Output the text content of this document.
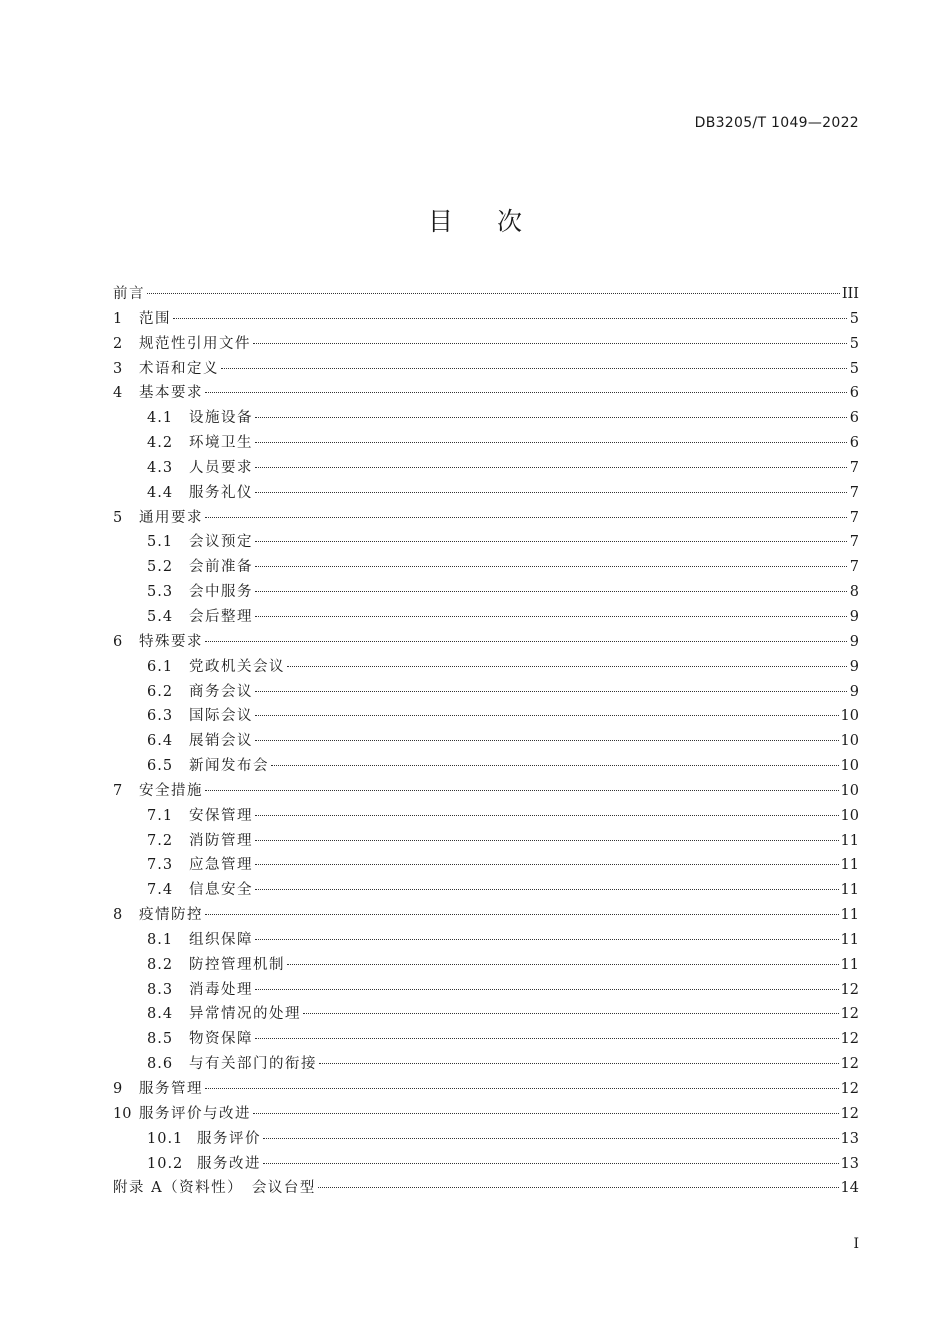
DB3205/T 1049—2022
目 次
前言	III
1	范围	5
2	规范性引用文件	5
3	术语和定义	5
4	基本要求	6
4.1	设施设备	6
4.2	环境卫生	6
4.3	人员要求	7
4.4	服务礼仪	7
5	通用要求	7
5.1	会议预定	7
5.2	会前准备	7
5.3	会中服务	8
5.4	会后整理	9
6	特殊要求	9
6.1	党政机关会议	9
6.2	商务会议	9
6.3	国际会议	10
6.4	展销会议	10
6.5	新闻发布会	10
7	安全措施	10
7.1	安保管理	10
7.2	消防管理	11
7.3	应急管理	11
7.4	信息安全	11
8	疫情防控	11
8.1	组织保障	11
8.2	防控管理机制	11
8.3	消毒处理	12
8.4	异常情况的处理	12
8.5	物资保障	12
8.6	与有关部门的衔接	12
9	服务管理	12
10 服务评价与改进	12
10.1 服务评价	13
10.2 服务改进	13
附录 A（资料性）　会议台型	14
I
